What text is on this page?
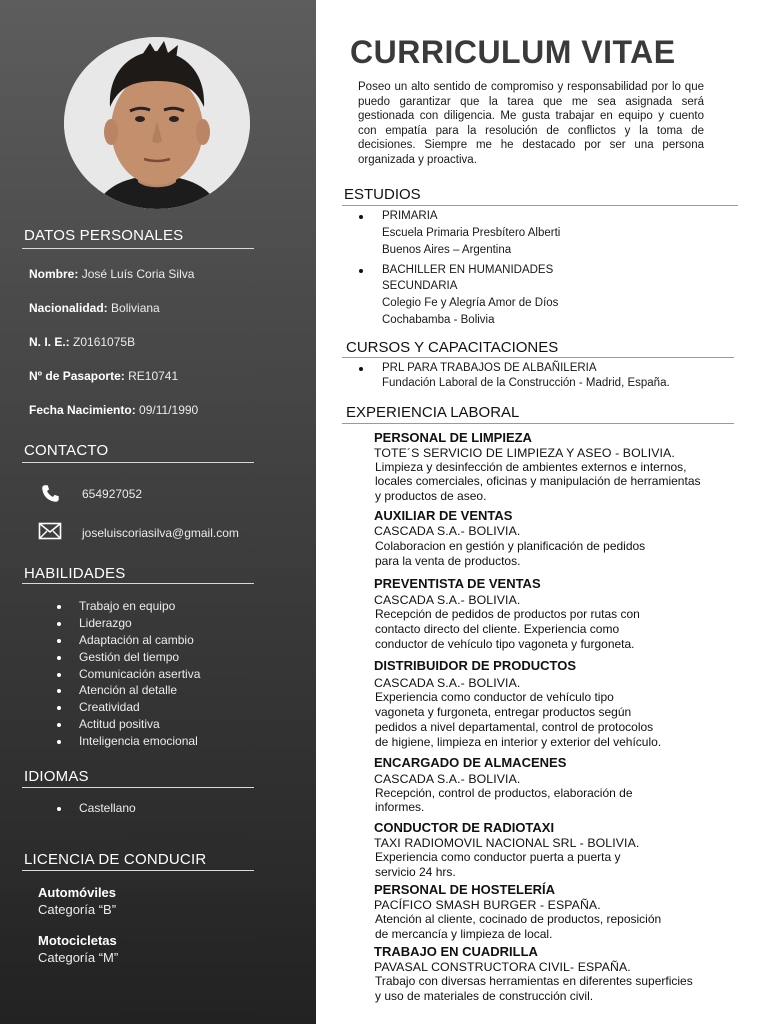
DATOS PERSONALES
Nombre: José Luís Coria Silva
Nacionalidad: Boliviana
N. I. E.: Z0161075B
Nº de Pasaporte: RE10741
Fecha Nacimiento: 09/11/1990
CONTACTO
654927052
joseluiscoriasilva@gmail.com
HABILIDADES
Trabajo en equipo
Liderazgo
Adaptación al cambio
Gestión del tiempo
Comunicación asertiva
Atención al detalle
Creatividad
Actitud positiva
Inteligencia emocional
IDIOMAS
Castellano
LICENCIA DE CONDUCIR
Automóviles
Categoría “B”
Motocicletas
Categoría “M”
CURRICULUM VITAE

Poseo un alto sentido de compromiso y responsabilidad por lo que puedo garantizar que la tarea que me sea asignada será gestionada con diligencia. Me gusta trabajar en equipo y cuento con empatía para la resolución de conflictos y la toma de decisiones. Siempre me he destacado por ser una persona organizada y proactiva.

ESTUDIOS
PRIMARIA
Escuela Primaria Presbítero Alberti
Buenos Aires – Argentina
BACHILLER EN HUMANIDADES
SECUNDARIA
Colegio Fe y Alegría Amor de Díos
Cochabamba - Bolivia
CURSOS Y CAPACITACIONES
PRL PARA TRABAJOS DE ALBAÑILERIA
Fundación Laboral de la Construcción - Madrid, España.
EXPERIENCIA LABORAL
PERSONAL DE LIMPIEZA
TOTE´S SERVICIO DE LIMPIEZA Y ASEO - BOLIVIA.
Limpieza y desinfección de ambientes externos e internos,
locales comerciales, oficinas y manipulación de herramientas
y productos de aseo.
AUXILIAR DE VENTAS
CASCADA S.A.- BOLIVIA.
Colaboracion en gestión y planificación de pedidos
para la venta de productos.
PREVENTISTA DE VENTAS
CASCADA S.A.- BOLIVIA.
Recepción de pedidos de productos por rutas con
contacto directo del cliente. Experiencia como
conductor de vehículo tipo vagoneta y furgoneta.
DISTRIBUIDOR DE PRODUCTOS
CASCADA S.A.- BOLIVIA.
Experiencia como conductor de vehículo tipo
vagoneta y furgoneta, entregar productos según
pedidos a nivel departamental, control de protocolos
de higiene, limpieza en interior y exterior del vehículo.
ENCARGADO DE ALMACENES
CASCADA S.A.- BOLIVIA.
Recepción, control de productos, elaboración de
informes.
CONDUCTOR DE RADIOTAXI
TAXI RADIOMOVIL NACIONAL SRL - BOLIVIA.
Experiencia como conductor puerta a puerta y
servicio 24 hrs.
PERSONAL DE HOSTELERÍA
PACÍFICO SMASH BURGER - ESPAÑA.
Atención al cliente, cocinado de productos, reposición
de mercancía y limpieza de local.
TRABAJO EN CUADRILLA
PAVASAL CONSTRUCTORA CIVIL- ESPAÑA.
Trabajo con diversas herramientas en diferentes superficies
y uso de materiales de construcción civil.
